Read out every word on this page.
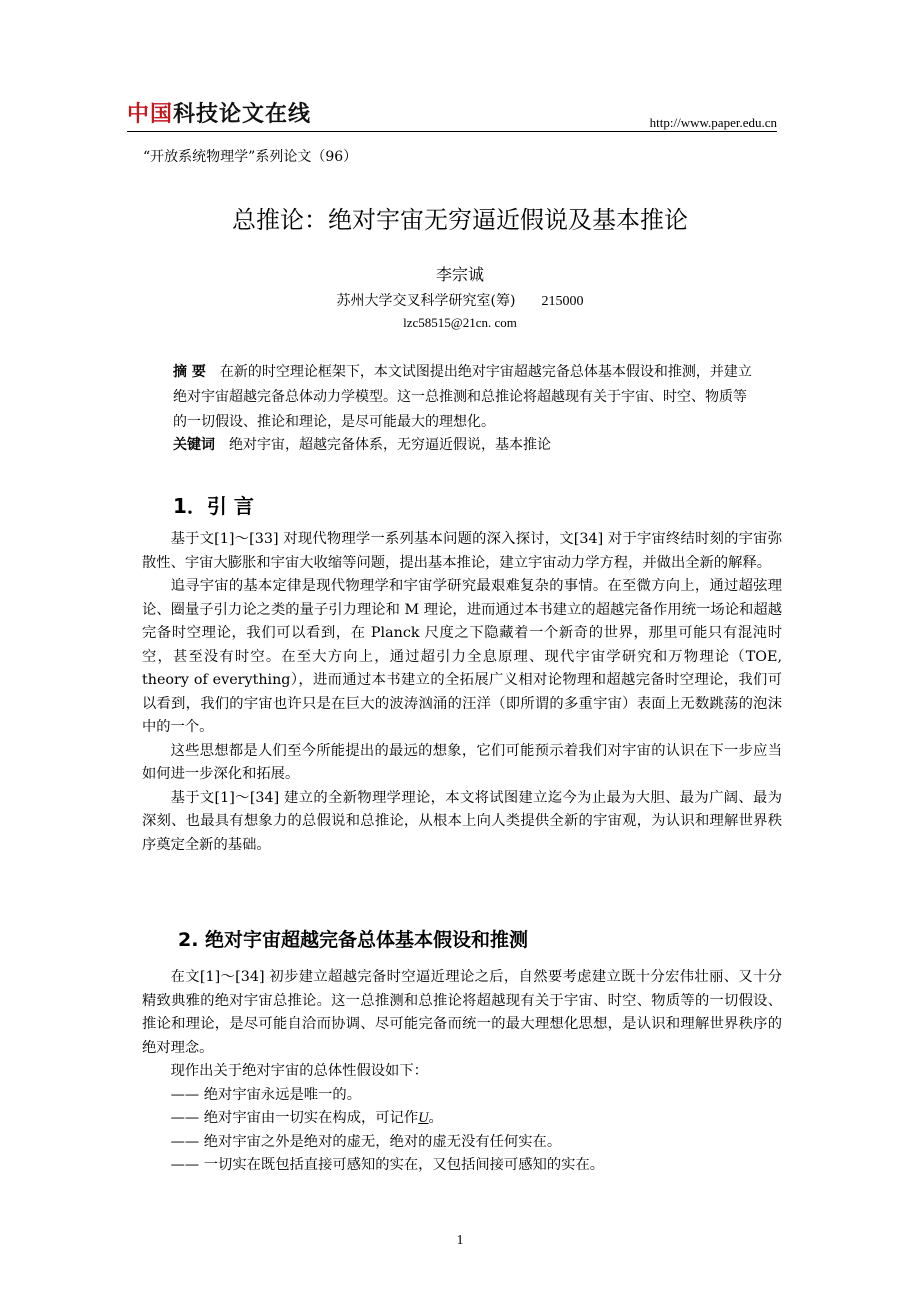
中国科技论文在线	http://www.paper.edu.cn
“开放系统物理学”系列论文（96）
总推论：绝对宇宙无穷逼近假说及基本推论
李宗诚
苏州大学交叉科学研究室(筹) 215000
lzc58515@21cn. com
摘 要 在新的时空理论框架下，本文试图提出绝对宇宙超越完备总体基本假设和推测，并建立绝对宇宙超越完备总体动力学模型。这一总推测和总推论将超越现有关于宇宙、时空、物质等的一切假设、推论和理论，是尽可能最大的理想化。
关键词 绝对宇宙，超越完备体系，无穷逼近假说，基本推论
1．引 言

基于文[1]～[33] 对现代物理学一系列基本问题的深入探讨，文[34] 对于宇宙终结时刻的宇宙弥散性、宇宙大膨胀和宇宙大收缩等问题，提出基本推论，建立宇宙动力学方程，并做出全新的解释。

追寻宇宙的基本定律是现代物理学和宇宙学研究最艰难复杂的事情。在至微方向上，通过超弦理论、圈量子引力论之类的量子引力理论和 M 理论，进而通过本书建立的超越完备作用统一场论和超越完备时空理论，我们可以看到，在 Planck 尺度之下隐藏着一个新奇的世界，那里可能只有混沌时空，甚至没有时空。在至大方向上，通过超引力全息原理、现代宇宙学研究和万物理论（TOE, theory of everything），进而通过本书建立的全拓展广义相对论物理和超越完备时空理论，我们可以看到，我们的宇宙也许只是在巨大的波涛汹涌的汪洋（即所谓的多重宇宙）表面上无数跳荡的泡沫中的一个。

这些思想都是人们至今所能提出的最远的想象，它们可能预示着我们对宇宙的认识在下一步应当如何进一步深化和拓展。

基于文[1]～[34] 建立的全新物理学理论，本文将试图建立迄今为止最为大胆、最为广阔、最为深刻、也最具有想象力的总假说和总推论，从根本上向人类提供全新的宇宙观，为认识和理解世界秩序奠定全新的基础。

2. 绝对宇宙超越完备总体基本假设和推测

在文[1]～[34] 初步建立超越完备时空逼近理论之后，自然要考虑建立既十分宏伟壮丽、又十分精致典雅的绝对宇宙总推论。这一总推测和总推论将超越现有关于宇宙、时空、物质等的一切假设、推论和理论，是尽可能自洽而协调、尽可能完备而统一的最大理想化思想，是认识和理解世界秩序的绝对理念。

现作出关于绝对宇宙的总体性假设如下：

—— 绝对宇宙永远是唯一的。

—— 绝对宇宙由一切实在构成，可记作U。

—— 绝对宇宙之外是绝对的虚无，绝对的虚无没有任何实在。

—— 一切实在既包括直接可感知的实在，又包括间接可感知的实在。

1
